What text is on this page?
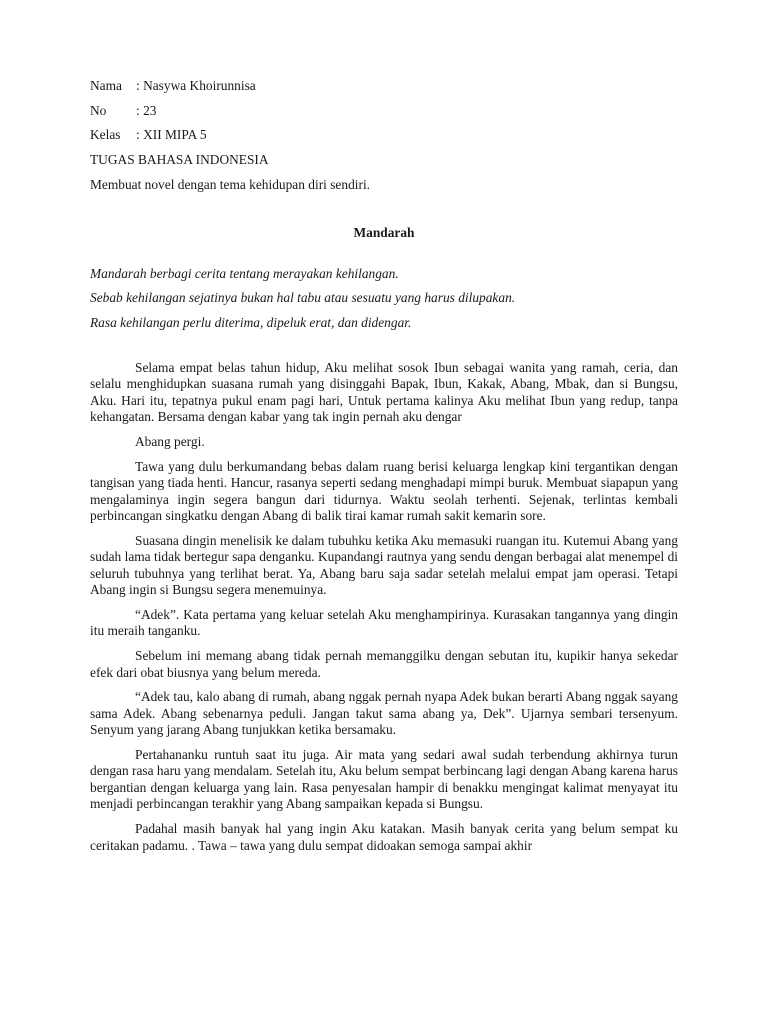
Nama	: Nasywa Khoirunnisa
No	: 23
Kelas	: XII MIPA 5

TUGAS BAHASA INDONESIA

Membuat novel dengan tema kehidupan diri sendiri.

Mandarah

Mandarah berbagi cerita tentang merayakan kehilangan.

Sebab kehilangan sejatinya bukan hal tabu atau sesuatu yang harus dilupakan.

Rasa kehilangan perlu diterima, dipeluk erat, dan didengar.

Selama empat belas tahun hidup, Aku melihat sosok Ibun sebagai wanita yang ramah, ceria, dan selalu menghidupkan suasana rumah yang disinggahi Bapak, Ibun, Kakak, Abang, Mbak, dan si Bungsu, Aku. Hari itu, tepatnya pukul enam pagi hari, Untuk pertama kalinya Aku melihat Ibun yang redup, tanpa kehangatan. Bersama dengan kabar yang tak ingin pernah aku dengar

Abang pergi.

Tawa yang dulu berkumandang bebas dalam ruang berisi keluarga lengkap kini tergantikan dengan tangisan yang tiada henti. Hancur, rasanya seperti sedang menghadapi mimpi buruk. Membuat siapapun yang mengalaminya ingin segera bangun dari tidurnya. Waktu seolah terhenti. Sejenak, terlintas kembali perbincangan singkatku dengan Abang di balik tirai kamar rumah sakit kemarin sore.

Suasana dingin menelisik ke dalam tubuhku ketika Aku memasuki ruangan itu. Kutemui Abang yang sudah lama tidak bertegur sapa denganku. Kupandangi rautnya yang sendu dengan berbagai alat menempel di seluruh tubuhnya yang terlihat berat. Ya, Abang baru saja sadar setelah melalui empat jam operasi. Tetapi Abang ingin si Bungsu segera menemuinya.

“Adek”. Kata pertama yang keluar setelah Aku menghampirinya. Kurasakan tangannya yang dingin itu meraih tanganku.

Sebelum ini memang abang tidak pernah memanggilku dengan sebutan itu, kupikir hanya sekedar efek dari obat biusnya yang belum mereda.

“Adek tau, kalo abang di rumah, abang nggak pernah nyapa Adek bukan berarti Abang nggak sayang sama Adek. Abang sebenarnya peduli. Jangan takut sama abang ya, Dek”. Ujarnya sembari tersenyum. Senyum yang jarang Abang tunjukkan ketika bersamaku.

Pertahananku runtuh saat itu juga. Air mata yang sedari awal sudah terbendung akhirnya turun dengan rasa haru yang mendalam. Setelah itu, Aku belum sempat berbincang lagi dengan Abang karena harus bergantian dengan keluarga yang lain. Rasa penyesalan hampir di benakku mengingat kalimat menyayat itu menjadi perbincangan terakhir yang Abang sampaikan kepada si Bungsu.

Padahal masih banyak hal yang ingin Aku katakan. Masih banyak cerita yang belum sempat ku ceritakan padamu. . Tawa – tawa yang dulu sempat didoakan semoga sampai akhir
